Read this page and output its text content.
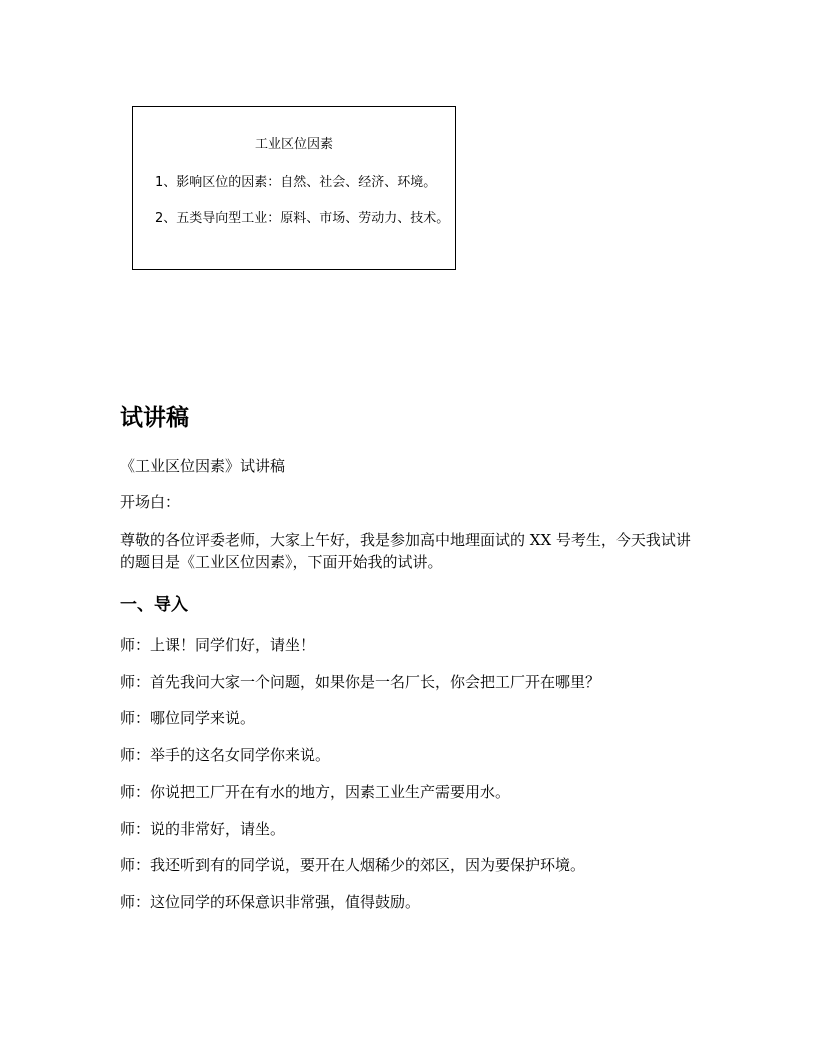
工业区位因素
1、影响区位的因素：自然、社会、经济、环境。
2、五类导向型工业：原料、市场、劳动力、技术。
试讲稿
《工业区位因素》试讲稿
开场白：
尊敬的各位评委老师，大家上午好，我是参加高中地理面试的 XX 号考生，今天我试讲的题目是《工业区位因素》，下面开始我的试讲。
一、导入
师：上课！同学们好，请坐！
师：首先我问大家一个问题，如果你是一名厂长，你会把工厂开在哪里？
师：哪位同学来说。
师：举手的这名女同学你来说。
师：你说把工厂开在有水的地方，因素工业生产需要用水。
师：说的非常好，请坐。
师：我还听到有的同学说，要开在人烟稀少的郊区，因为要保护环境。
师：这位同学的环保意识非常强，值得鼓励。
